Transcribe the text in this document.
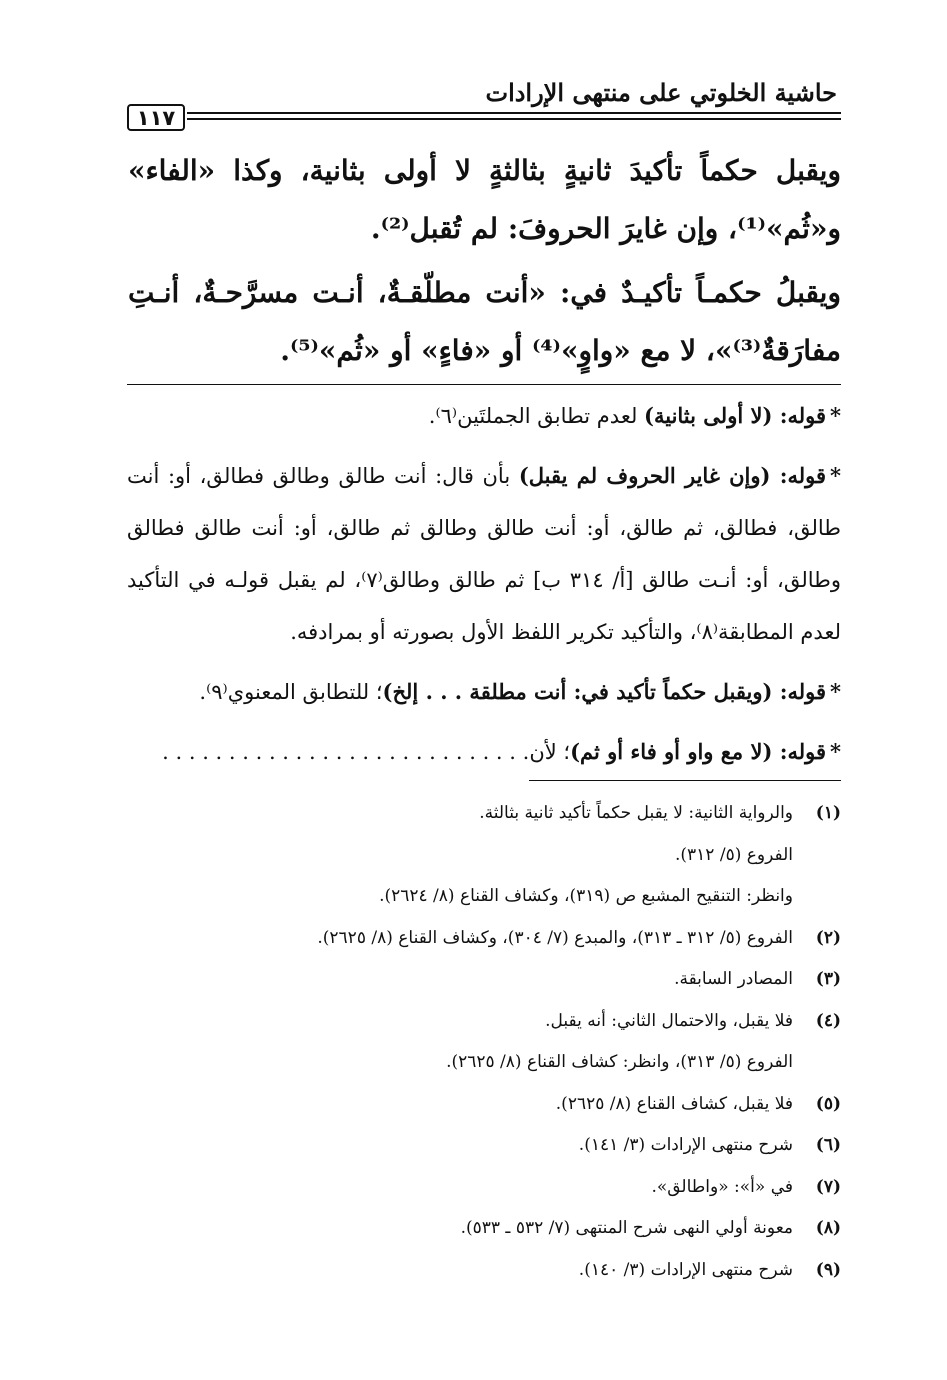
حاشية الخلوتي على منتهى الإرادات
١١٧

ويقبل حكماً تأكيدَ ثانيةٍ بثالثةٍ لا أولى بثانية، وكذا «الفاء» و«ثُم»⁽¹⁾، وإن غايرَ الحروفَ: لم تُقبل⁽²⁾.

ويقبلُ حكمـاً تأكيـدٌ في: «أنت مطلّقـةٌ، أنـت مسرَّحـةٌ، أنـتِ مفارَقةٌ⁽³⁾»، لا مع «واوٍ»⁽⁴⁾ أو «فاءٍ» أو «ثُم»⁽⁵⁾.

*قوله: (لا أولى بثانية) لعدم تطابق الجملتَين⁽٦⁾.

*قوله: (وإن غاير الحروف لم يقبل) بأن قال: أنت طالق وطالق فطالق، أو: أنت طالق، فطالق، ثم طالق، أو: أنت طالق وطالق ثم طالق، أو: أنت طالق فطالق وطالق، أو: أنـت طالق [أ/ ٣١٤ ب] ثم طالق وطالق⁽٧⁾، لم يقبل قولـه في التأكيد لعدم المطابقة⁽٨⁾، والتأكيد تكرير اللفظ الأول بصورته أو بمرادفه.

*قوله: (ويقبل حكماً تأكيد في: أنت مطلقة . . . إلخ)؛ للتطابق المعنوي⁽٩⁾.

*قوله: (لا مع واو أو فاء أو ثم)؛ لأن. . . . . . . . . . . . . . . . . . . . . . . . . . . .

(١)
والرواية الثانية: لا يقبل حكماً تأكيد ثانية بثالثة.
الفروع (٥/ ٣١٢).
وانظر: التنقيح المشبع ص (٣١٩)، وكشاف القناع (٨/ ٢٦٢٤).
(٢)
الفروع (٥/ ٣١٢ ـ ٣١٣)، والمبدع (٧/ ٣٠٤)، وكشاف القناع (٨/ ٢٦٢٥).
(٣)
المصادر السابقة.
(٤)
فلا يقبل، والاحتمال الثاني: أنه يقبل.
الفروع (٥/ ٣١٣)، وانظر: كشاف القناع (٨/ ٢٦٢٥).
(٥)
فلا يقبل، كشاف القناع (٨/ ٢٦٢٥).
(٦)
شرح منتهى الإرادات (٣/ ١٤١).
(٧)
في «أ»: «واطالق».
(٨)
معونة أولي النهى شرح المنتهى (٧/ ٥٣٢ ـ ٥٣٣).
(٩)
شرح منتهى الإرادات (٣/ ١٤٠).
